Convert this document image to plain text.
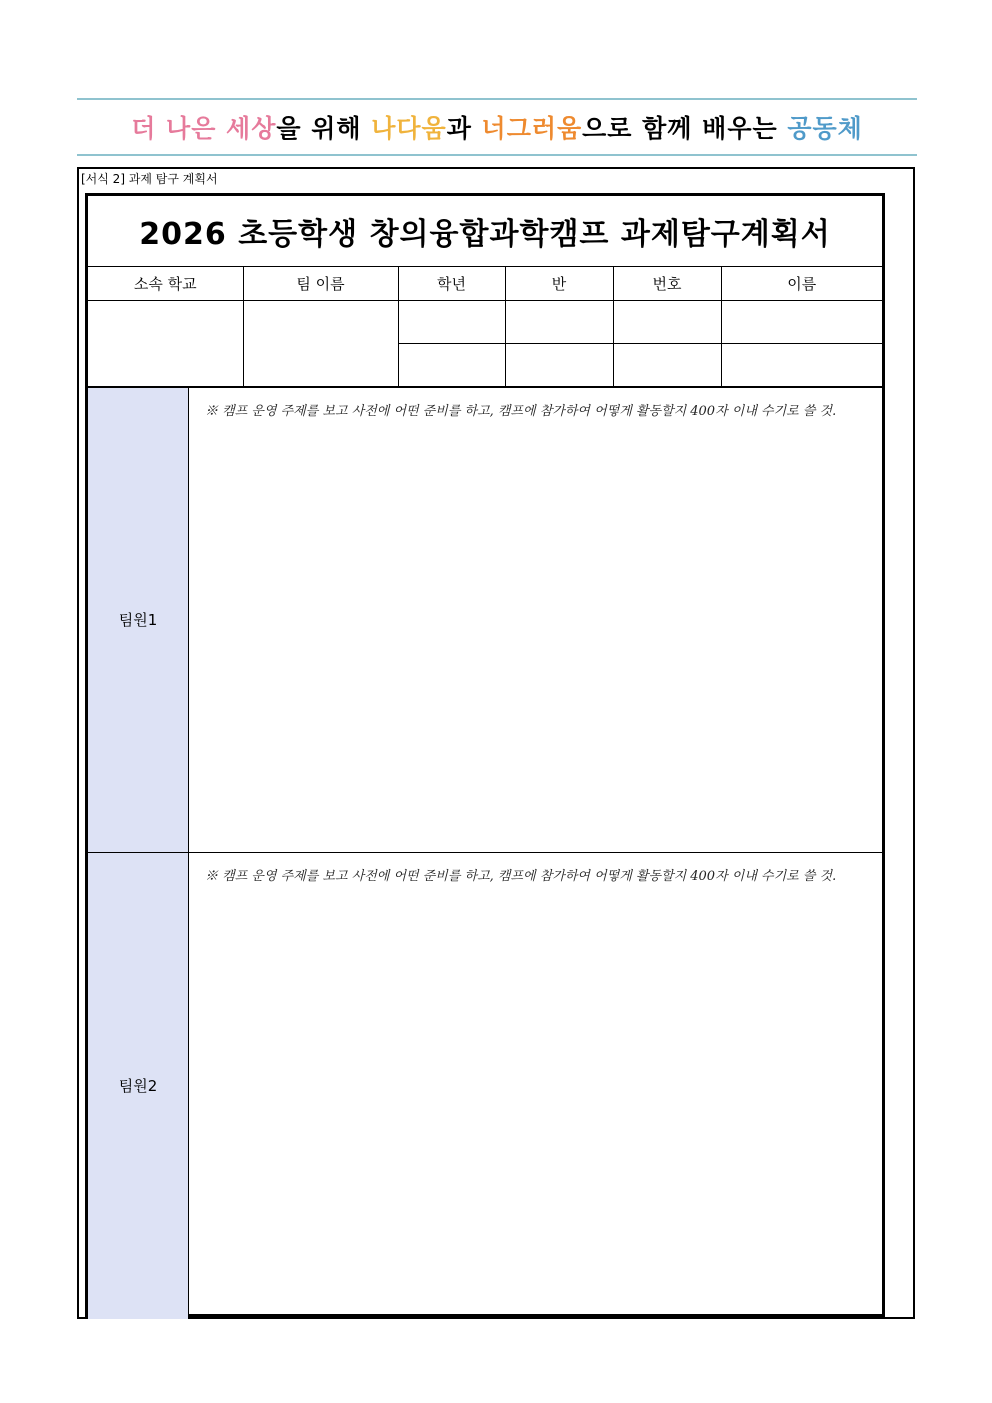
더 나은 세상을 위해 나다움과 너그러움으로 함께 배우는 공동체
[서식 2] 과제 탐구 계획서
2026 초등학생 창의융합과학캠프 과제탐구계획서
소속 학교	팀 이름	학년	반	번호	이름

팀원1
※ 캠프 운영 주제를 보고 사전에 어떤 준비를 하고, 캠프에 참가하여 어떻게 활동할지 400자 이내 수기로 쓸 것.
팀원2
※ 캠프 운영 주제를 보고 사전에 어떤 준비를 하고, 캠프에 참가하여 어떻게 활동할지 400자 이내 수기로 쓸 것.
